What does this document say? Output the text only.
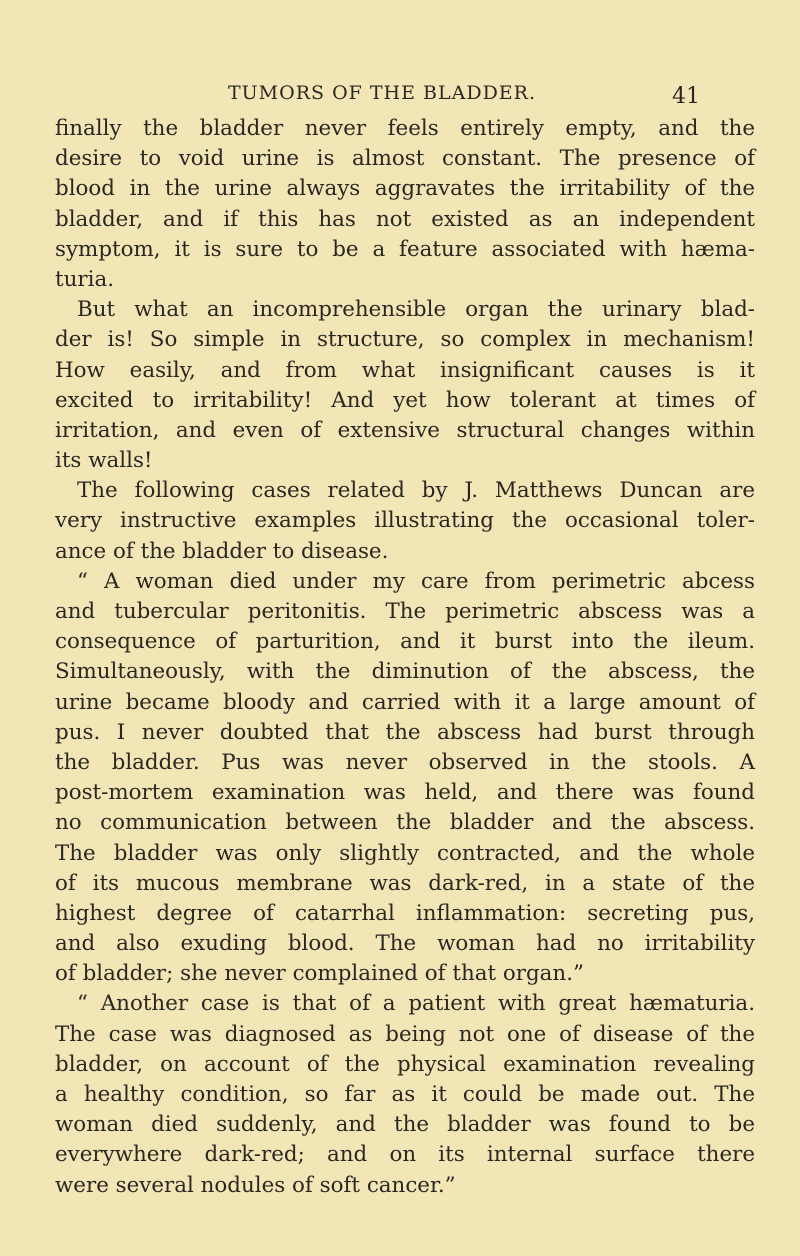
TUMORS OF THE BLADDER.	41
finally the bladder never feels entirely empty, and the
desire to void urine is almost constant. The presence of
blood in the urine always aggravates the irritability of the
bladder, and if this has not existed as an independent
symptom, it is sure to be a feature associated with hæma-
turia.
But what an incomprehensible organ the urinary blad-
der is! So simple in structure, so complex in mechanism!
How easily, and from what insignificant causes is it
excited to irritability! And yet how tolerant at times of
irritation, and even of extensive structural changes within
its walls!
The following cases related by J. Matthews Duncan are
very instructive examples illustrating the occasional toler-
ance of the bladder to disease.
“ A woman died under my care from perimetric abcess
and tubercular peritonitis. The perimetric abscess was a
consequence of parturition, and it burst into the ileum.
Simultaneously, with the diminution of the abscess, the
urine became bloody and carried with it a large amount of
pus. I never doubted that the abscess had burst through
the bladder. Pus was never observed in the stools. A
post-mortem examination was held, and there was found
no communication between the bladder and the abscess.
The bladder was only slightly contracted, and the whole
of its mucous membrane was dark-red, in a state of the
highest degree of catarrhal inflammation: secreting pus,
and also exuding blood. The woman had no irritability
of bladder; she never complained of that organ.”
“ Another case is that of a patient with great hæmaturia.
The case was diagnosed as being not one of disease of the
bladder, on account of the physical examination revealing
a healthy condition, so far as it could be made out. The
woman died suddenly, and the bladder was found to be
everywhere dark-red; and on its internal surface there
were several nodules of soft cancer.”
